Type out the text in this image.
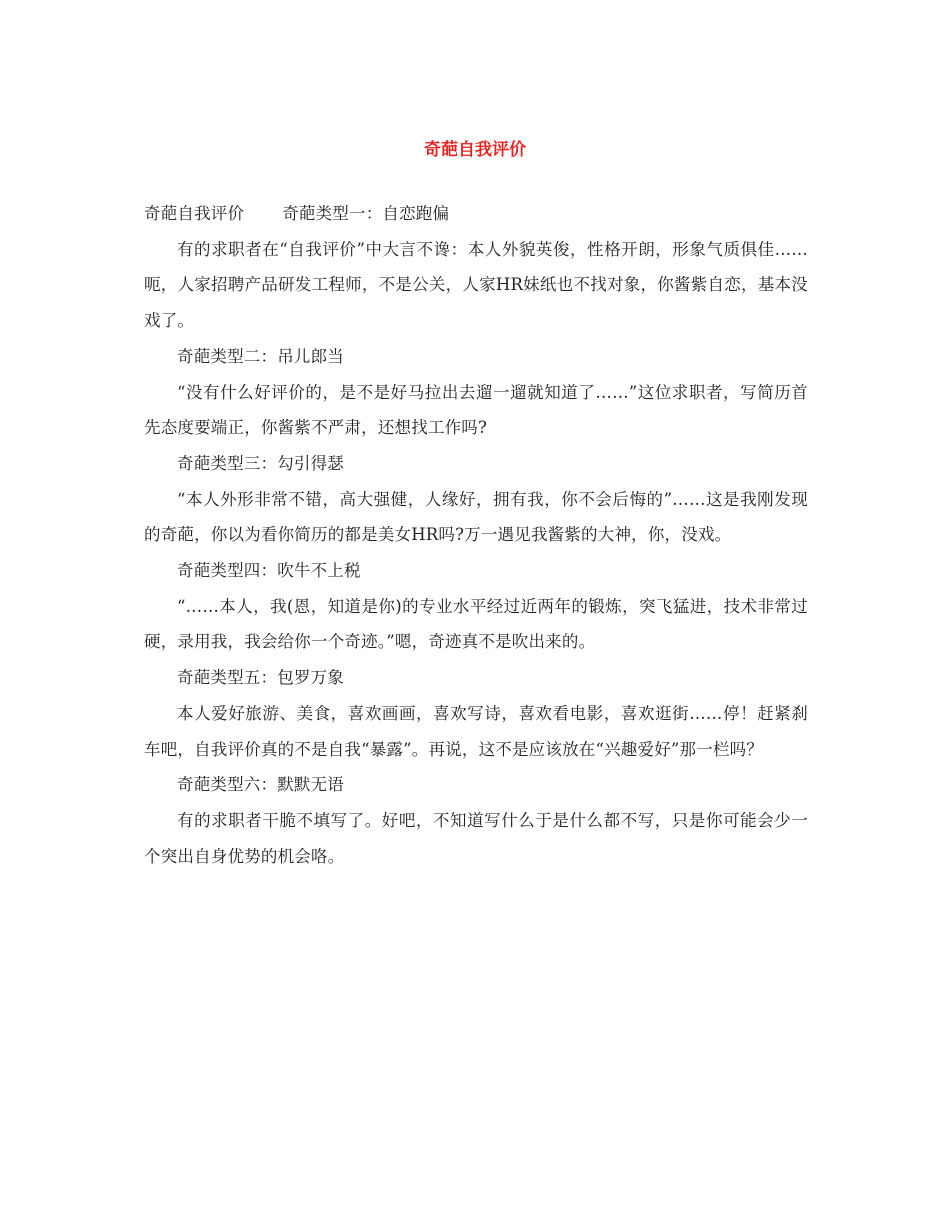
奇葩自我评价

奇葩自我评价 奇葩类型一：自恋跑偏

有的求职者在“自我评价”中大言不谗：本人外貌英俊，性格开朗，形象气质俱佳……呃，人家招聘产品研发工程师，不是公关，人家HR妹纸也不找对象，你酱紫自恋，基本没戏了。

奇葩类型二：吊儿郎当

“没有什么好评价的，是不是好马拉出去遛一遛就知道了……”这位求职者，写简历首先态度要端正，你酱紫不严肃，还想找工作吗?

奇葩类型三：勾引得瑟

“本人外形非常不错，高大强健，人缘好，拥有我，你不会后悔的”……这是我刚发现的奇葩，你以为看你简历的都是美女HR吗?万一遇见我酱紫的大神，你，没戏。

奇葩类型四：吹牛不上税

“……本人，我(恩，知道是你)的专业水平经过近两年的锻炼，突飞猛进，技术非常过硬，录用我，我会给你一个奇迹。”嗯，奇迹真不是吹出来的。

奇葩类型五：包罗万象

本人爱好旅游、美食，喜欢画画，喜欢写诗，喜欢看电影，喜欢逛街……停！赶紧刹车吧，自我评价真的不是自我“暴露”。再说，这不是应该放在“兴趣爱好”那一栏吗？

奇葩类型六：默默无语

有的求职者干脆不填写了。好吧，不知道写什么于是什么都不写，只是你可能会少一个突出自身优势的机会咯。
